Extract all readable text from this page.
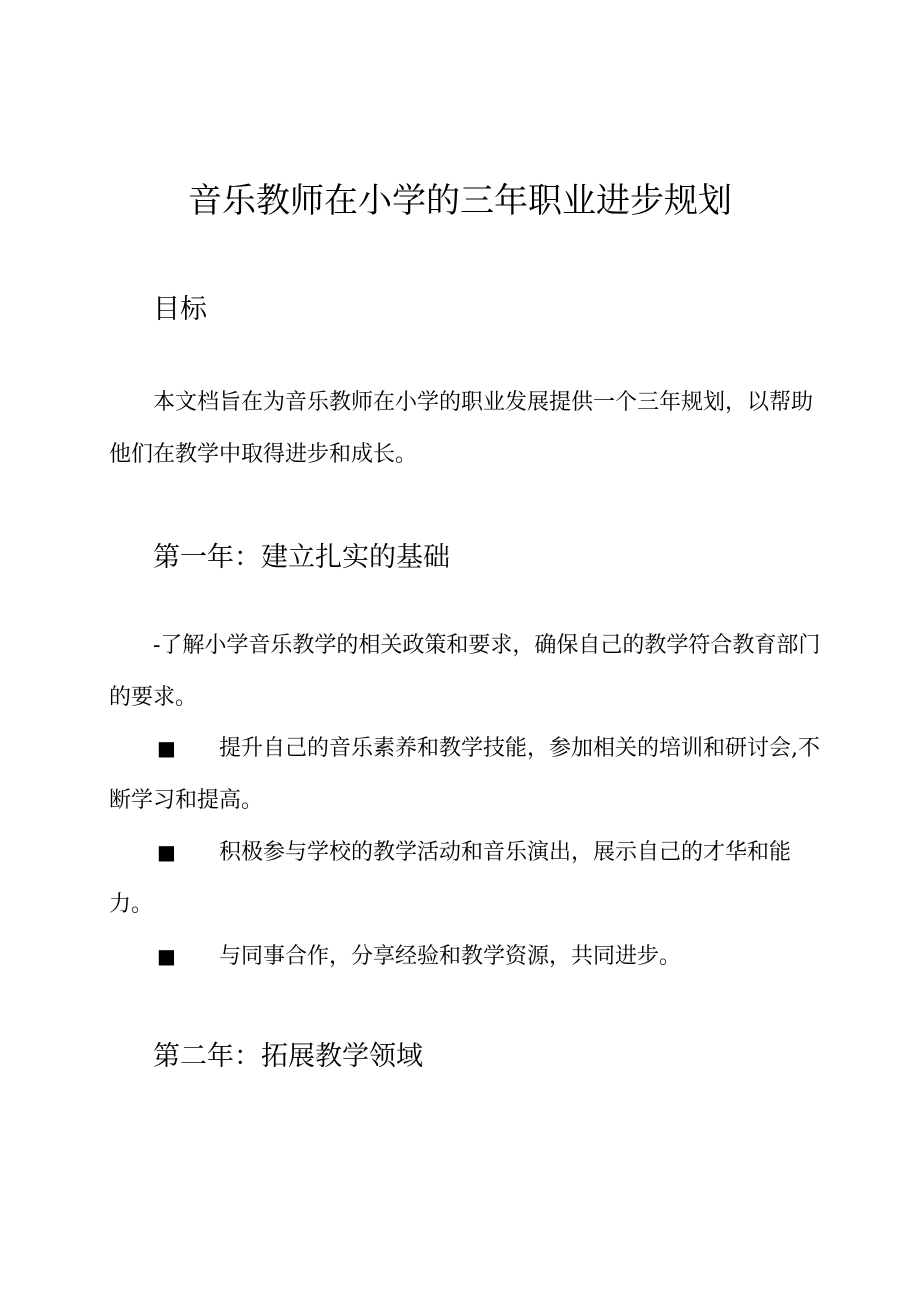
音乐教师在小学的三年职业进步规划
目标

本文档旨在为音乐教师在小学的职业发展提供一个三年规划，以帮助他们在教学中取得进步和成长。

第一年：建立扎实的基础

-了解小学音乐教学的相关政策和要求，确保自己的教学符合教育部门的要求。

■ 提升自己的音乐素养和教学技能，参加相关的培训和研讨会,不断学习和提高。

■ 积极参与学校的教学活动和音乐演出，展示自己的才华和能力。

■ 与同事合作，分享经验和教学资源，共同进步。

第二年：拓展教学领域
